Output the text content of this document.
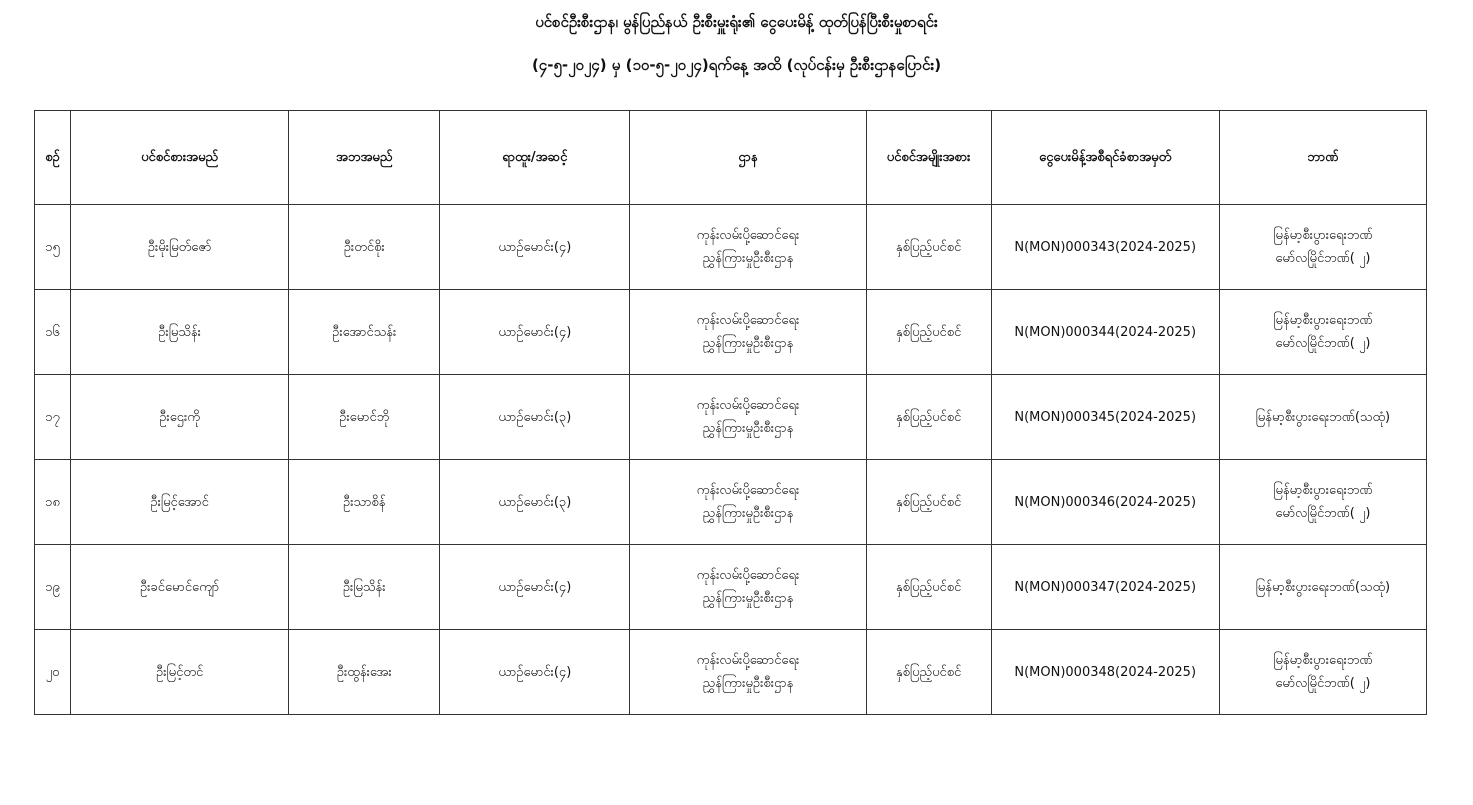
ပင်စင်ဦးစီးဌာန၊ မွန်ပြည်နယ် ဦးစီးမှူးရုံး၏ ငွေပေးမိန့် ထုတ်ပြန်ပြီးစီးမှုစာရင်း
(၄-၅-၂၀၂၄) မှ (၁၀-၅-၂၀၂၄)ရက်နေ့ အထိ (လုပ်ငန်းမှ ဦးစီးဌာနပြောင်း)
စဉ်	ပင်စင်စားအမည်	အဘအမည်	ရာထူး/အဆင့်	ဌာန	ပင်စင်အမျိုးအစား	ငွေပေးမိန့်အစီရင်ခံစာအမှတ်	ဘာဏ်
၁၅	ဦးမိုးမြတ်ဇော်	ဦးတင်စိုး	ယာဉ်မောင်း(၄)	ကုန်းလမ်းပို့ဆောင်ရေး
ညွှန်ကြားမှုဦးစီးဌာန	နှစ်ပြည့်ပင်စင်	N(MON)000343(2024-2025)	မြန်မာ့စီးပွားရေးဘဏ်
မော်လမြိုင်ဘဏ်( ၂)
၁၆	ဦးမြသိန်း	ဦးအောင်သန်း	ယာဉ်မောင်း(၄)	ကုန်းလမ်းပို့ဆောင်ရေး
ညွှန်ကြားမှုဦးစီးဌာန	နှစ်ပြည့်ပင်စင်	N(MON)000344(2024-2025)	မြန်မာ့စီးပွားရေးဘဏ်
မော်လမြိုင်ဘဏ်( ၂)
၁၇	ဦးဌေးကို	ဦးမောင်ဘို	ယာဉ်မောင်း(၃)	ကုန်းလမ်းပို့ဆောင်ရေး
ညွှန်ကြားမှုဦးစီးဌာန	နှစ်ပြည့်ပင်စင်	N(MON)000345(2024-2025)	မြန်မာ့စီးပွားရေးဘဏ်(သထုံ)
၁၈	ဦးမြင့်အောင်	ဦးသာစိန်	ယာဉ်မောင်း(၃)	ကုန်းလမ်းပို့ဆောင်ရေး
ညွှန်ကြားမှုဦးစီးဌာန	နှစ်ပြည့်ပင်စင်	N(MON)000346(2024-2025)	မြန်မာ့စီးပွားရေးဘဏ်
မော်လမြိုင်ဘဏ်( ၂)
၁၉	ဦးခင်မောင်ကျော်	ဦးမြသိန်း	ယာဉ်မောင်း(၄)	ကုန်းလမ်းပို့ဆောင်ရေး
ညွှန်ကြားမှုဦးစီးဌာန	နှစ်ပြည့်ပင်စင်	N(MON)000347(2024-2025)	မြန်မာ့စီးပွားရေးဘဏ်(သထုံ)
၂၀	ဦးမြင့်တင်	ဦးထွန်းအေး	ယာဉ်မောင်း(၄)	ကုန်းလမ်းပို့ဆောင်ရေး
ညွှန်ကြားမှုဦးစီးဌာန	နှစ်ပြည့်ပင်စင်	N(MON)000348(2024-2025)	မြန်မာ့စီးပွားရေးဘဏ်
မော်လမြိုင်ဘဏ်( ၂)
